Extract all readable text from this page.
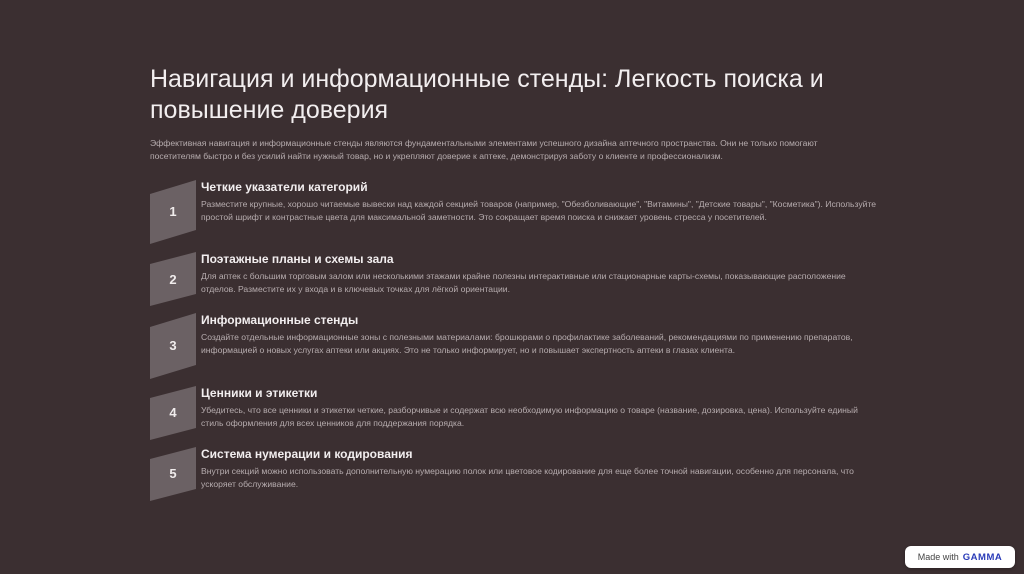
Навигация и информационные стенды: Легкость поиска и повышение доверия

Эффективная навигация и информационные стенды являются фундаментальными элементами успешного дизайна аптечного пространства. Они не только помогают посетителям быстро и без усилий найти нужный товар, но и укрепляют доверие к аптеке, демонстрируя заботу о клиенте и профессионализм.

1
Четкие указатели категорий

Разместите крупные, хорошо читаемые вывески над каждой секцией товаров (например, "Обезболивающие", "Витамины", "Детские товары", "Косметика"). Используйте простой шрифт и контрастные цвета для максимальной заметности. Это сокращает время поиска и снижает уровень стресса у посетителей.

2
Поэтажные планы и схемы зала

Для аптек с большим торговым залом или несколькими этажами крайне полезны интерактивные или стационарные карты-схемы, показывающие расположение отделов. Разместите их у входа и в ключевых точках для лёгкой ориентации.

3
Информационные стенды

Создайте отдельные информационные зоны с полезными материалами: брошюрами о профилактике заболеваний, рекомендациями по применению препаратов, информацией о новых услугах аптеки или акциях. Это не только информирует, но и повышает экспертность аптеки в глазах клиента.

4
Ценники и этикетки

Убедитесь, что все ценники и этикетки четкие, разборчивые и содержат всю необходимую информацию о товаре (название, дозировка, цена). Используйте единый стиль оформления для всех ценников для поддержания порядка.

5
Система нумерации и кодирования

Внутри секций можно использовать дополнительную нумерацию полок или цветовое кодирование для еще более точной навигации, особенно для персонала, что ускоряет обслуживание.

Made with GAMMA
